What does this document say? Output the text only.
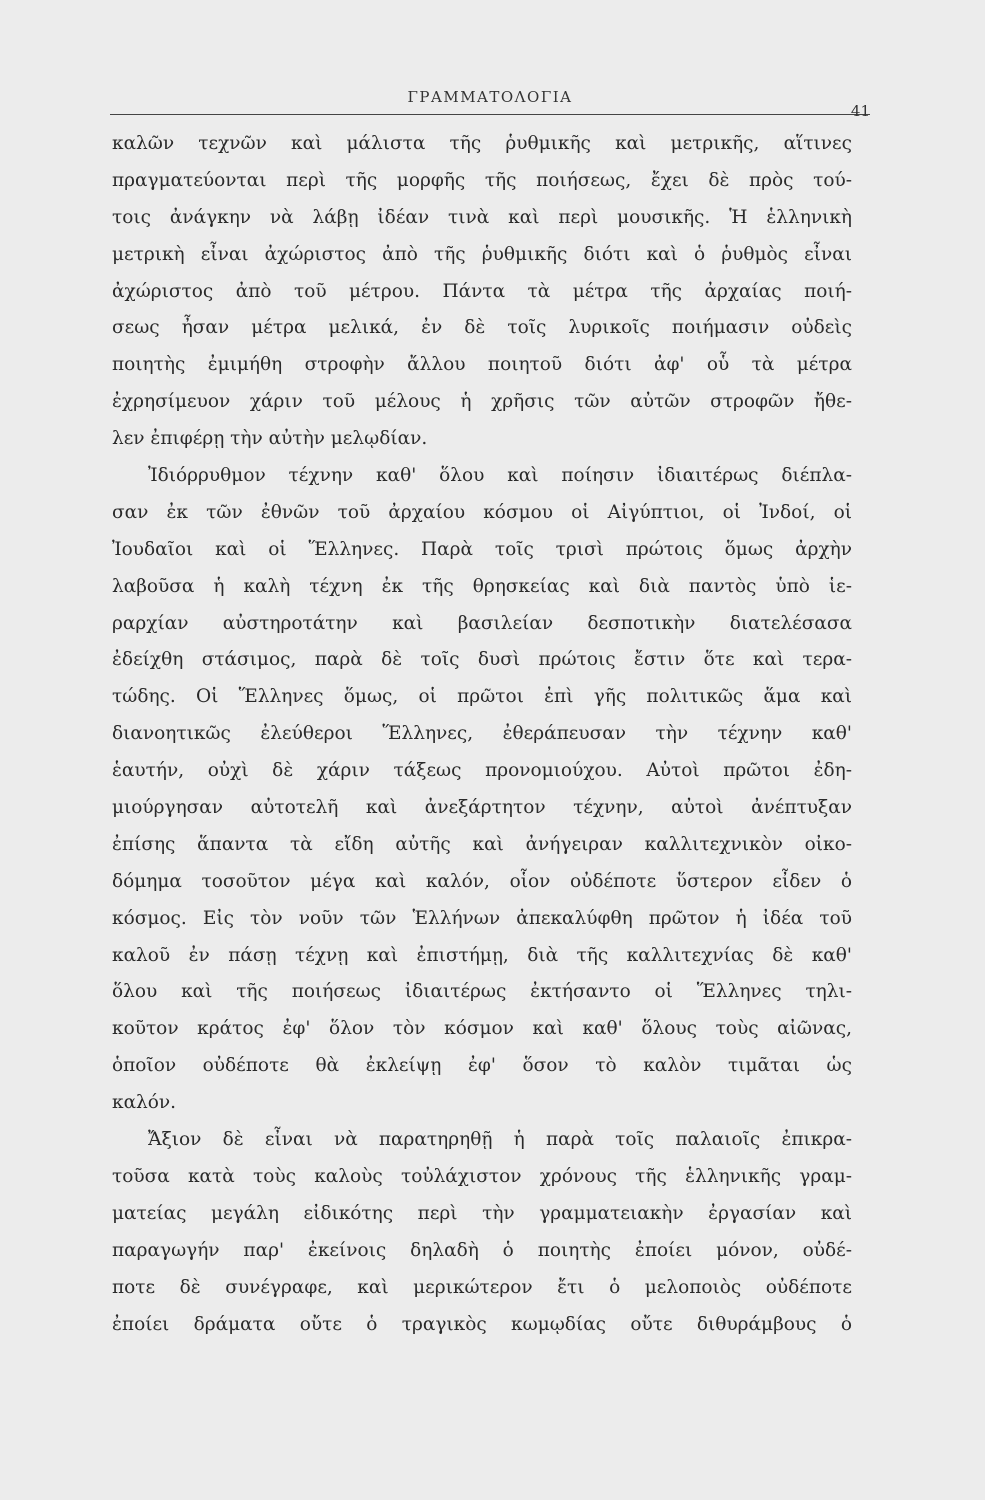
ΓΡΑΜΜΑΤΟΛΟΓΙΑ
41
καλῶν τεχνῶν καὶ μάλιστα τῆς ῥυθμικῆς καὶ μετρικῆς, αἵτινες
πραγματεύονται περὶ τῆς μορφῆς τῆς ποιήσεως, ἔχει δὲ πρὸς τού-
τοις ἀνάγκην νὰ λάβῃ ἰδέαν τινὰ καὶ περὶ μουσικῆς. Ἡ ἑλληνικὴ
μετρικὴ εἶναι ἀχώριστος ἀπὸ τῆς ῥυθμικῆς διότι καὶ ὁ ῥυθμὸς εἶναι
ἀχώριστος ἀπὸ τοῦ μέτρου. Πάντα τὰ μέτρα τῆς ἀρχαίας ποιή-
σεως ἦσαν μέτρα μελικά, ἐν δὲ τοῖς λυρικοῖς ποιήμασιν οὐδεὶς
ποιητὴς ἐμιμήθη στροφὴν ἄλλου ποιητοῦ διότι ἀφ' οὗ τὰ μέτρα
ἐχρησίμευον χάριν τοῦ μέλους ἡ χρῆσις τῶν αὐτῶν στροφῶν ἤθε-
λεν ἐπιφέρῃ τὴν αὐτὴν μελῳδίαν.
Ἰδιόρρυθμον τέχνην καθ' ὅλου καὶ ποίησιν ἰδιαιτέρως διέπλα-
σαν ἐκ τῶν ἐθνῶν τοῦ ἀρχαίου κόσμου οἱ Αἰγύπτιοι, οἱ Ἰνδοί, οἱ
Ἰουδαῖοι καὶ οἱ Ἕλληνες. Παρὰ τοῖς τρισὶ πρώτοις ὅμως ἀρχὴν
λαβοῦσα ἡ καλὴ τέχνη ἐκ τῆς θρησκείας καὶ διὰ παντὸς ὑπὸ ἱε-
ραρχίαν αὐστηροτάτην καὶ βασιλείαν δεσποτικὴν διατελέσασα
ἐδείχθη στάσιμος, παρὰ δὲ τοῖς δυσὶ πρώτοις ἔστιν ὅτε καὶ τερα-
τώδης. Οἱ Ἕλληνες ὅμως, οἱ πρῶτοι ἐπὶ γῆς πολιτικῶς ἅμα καὶ
διανοητικῶς ἐλεύθεροι Ἕλληνες, ἐθεράπευσαν τὴν τέχνην καθ'
ἑαυτήν, οὐχὶ δὲ χάριν τάξεως προνομιούχου. Αὐτοὶ πρῶτοι ἐδη-
μιούργησαν αὐτοτελῆ καὶ ἀνεξάρτητον τέχνην, αὐτοὶ ἀνέπτυξαν
ἐπίσης ἅπαντα τὰ εἴδη αὐτῆς καὶ ἀνήγειραν καλλιτεχνικὸν οἰκο-
δόμημα τοσοῦτον μέγα καὶ καλόν, οἷον οὐδέποτε ὕστερον εἶδεν ὁ
κόσμος. Εἰς τὸν νοῦν τῶν Ἑλλήνων ἀπεκαλύφθη πρῶτον ἡ ἰδέα τοῦ
καλοῦ ἐν πάσῃ τέχνῃ καὶ ἐπιστήμῃ, διὰ τῆς καλλιτεχνίας δὲ καθ'
ὅλου καὶ τῆς ποιήσεως ἰδιαιτέρως ἐκτήσαντο οἱ Ἕλληνες τηλι-
κοῦτον κράτος ἐφ' ὅλον τὸν κόσμον καὶ καθ' ὅλους τοὺς αἰῶνας,
ὁποῖον οὐδέποτε θὰ ἐκλείψῃ ἐφ' ὅσον τὸ καλὸν τιμᾶται ὡς
καλόν.
Ἄξιον δὲ εἶναι νὰ παρατηρηθῇ ἡ παρὰ τοῖς παλαιοῖς ἐπικρα-
τοῦσα κατὰ τοὺς καλοὺς τοὐλάχιστον χρόνους τῆς ἑλληνικῆς γραμ-
ματείας μεγάλη εἰδικότης περὶ τὴν γραμματειακὴν ἐργασίαν καὶ
παραγωγήν παρ' ἐκείνοις δηλαδὴ ὁ ποιητὴς ἐποίει μόνον, οὐδέ-
ποτε δὲ συνέγραφε, καὶ μερικώτερον ἔτι ὁ μελοποιὸς οὐδέποτε
ἐποίει δράματα οὔτε ὁ τραγικὸς κωμῳδίας οὔτε διθυράμβους ὁ
